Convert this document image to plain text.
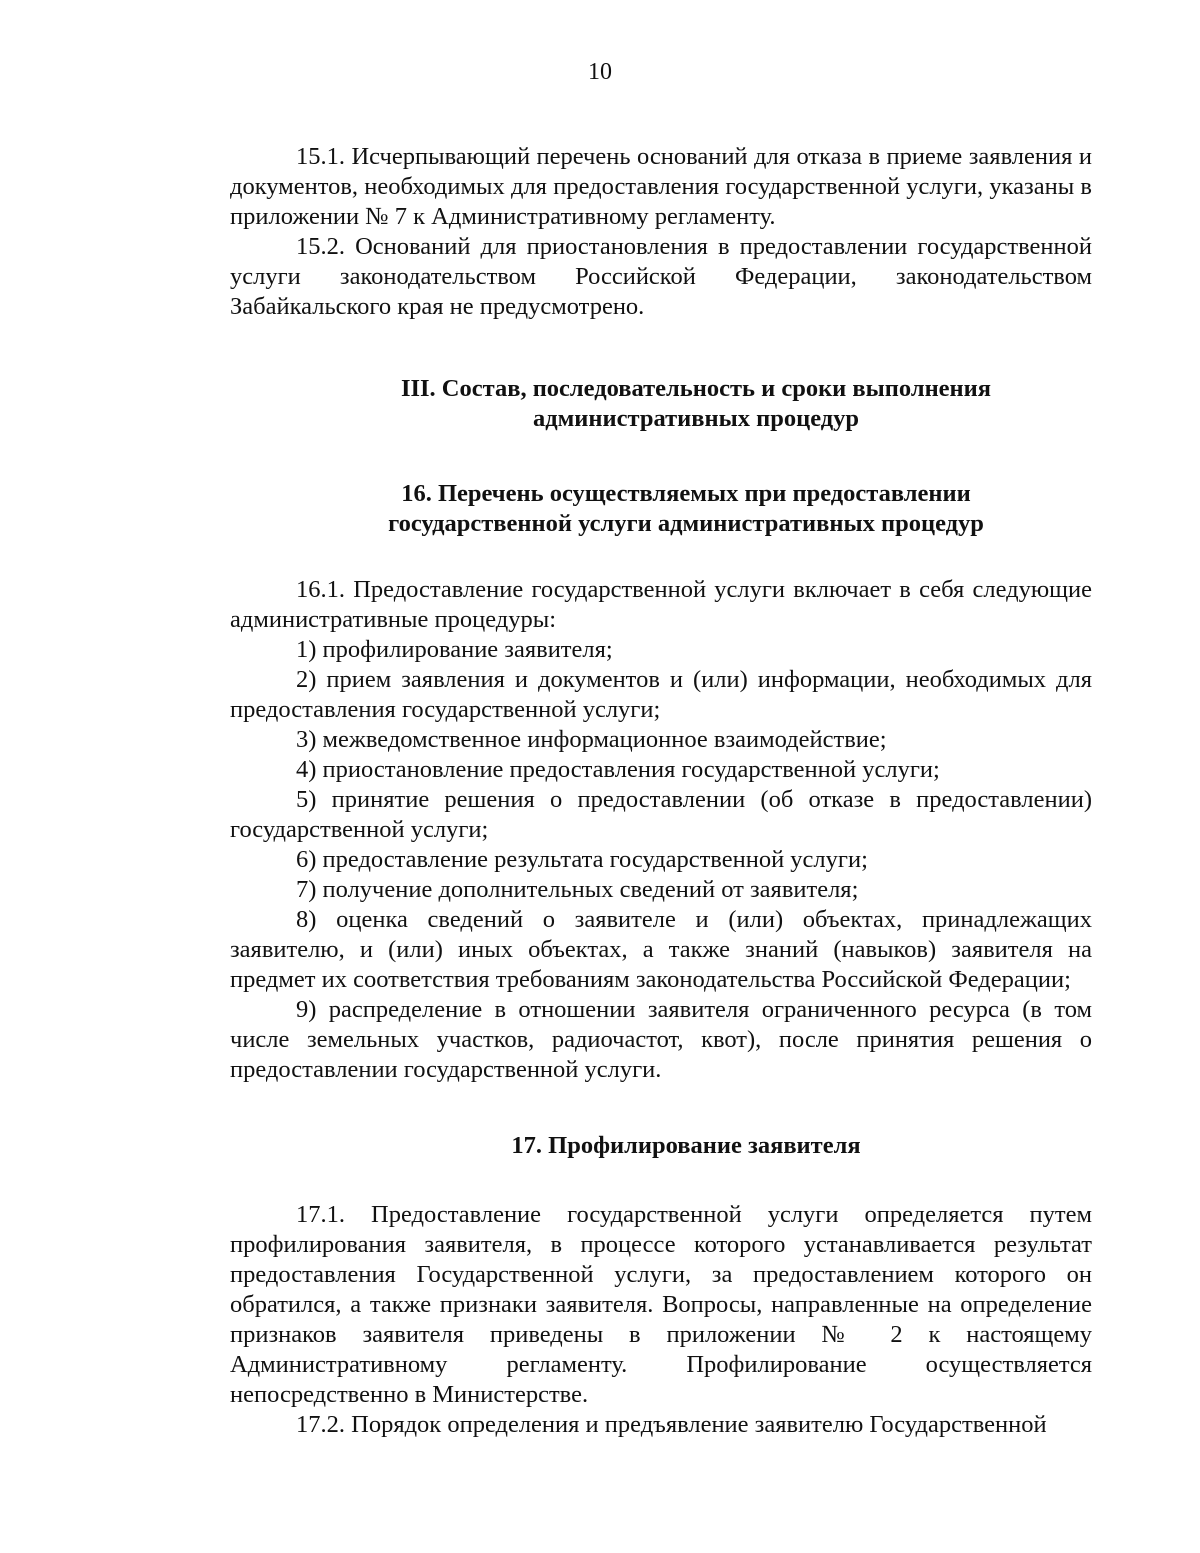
10

15.1. Исчерпывающий перечень оснований для отказа в приеме заявления и документов, необходимых для предоставления государственной услуги, указаны в приложении № 7 к Административному регламенту.

15.2. Оснований для приостановления в предоставлении государственной услуги законодательством Российской Федерации, законодательством Забайкальского края не предусмотрено.

III. Состав, последовательность и сроки выполнения
административных процедур
16. Перечень осуществляемых при предоставлении
государственной услуги административных процедур

16.1. Предоставление государственной услуги включает в себя следующие административные процедуры:

1) профилирование заявителя;

2) прием заявления и документов и (или) информации, необходимых для предоставления государственной услуги;

3) межведомственное информационное взаимодействие;

4) приостановление предоставления государственной услуги;

5) принятие решения о предоставлении (об отказе в предоставлении) государственной услуги;

6) предоставление результата государственной услуги;

7) получение дополнительных сведений от заявителя;

8) оценка сведений о заявителе и (или) объектах, принадлежащих заявителю, и (или) иных объектах, а также знаний (навыков) заявителя на предмет их соответствия требованиям законодательства Российской Федерации;

9) распределение в отношении заявителя ограниченного ресурса (в том числе земельных участков, радиочастот, квот), после принятия решения о предоставлении государственной услуги.

17. Профилирование заявителя

17.1. Предоставление государственной услуги определяется путем профилирования заявителя, в процессе которого устанавливается результат предоставления Государственной услуги, за предоставлением которого он обратился, а также признаки заявителя. Вопросы, направленные на определение признаков заявителя приведены в приложении № 2 к настоящему Административному регламенту. Профилирование осуществляется непосредственно в Министерстве.

17.2. Порядок определения и предъявление заявителю Государственной
